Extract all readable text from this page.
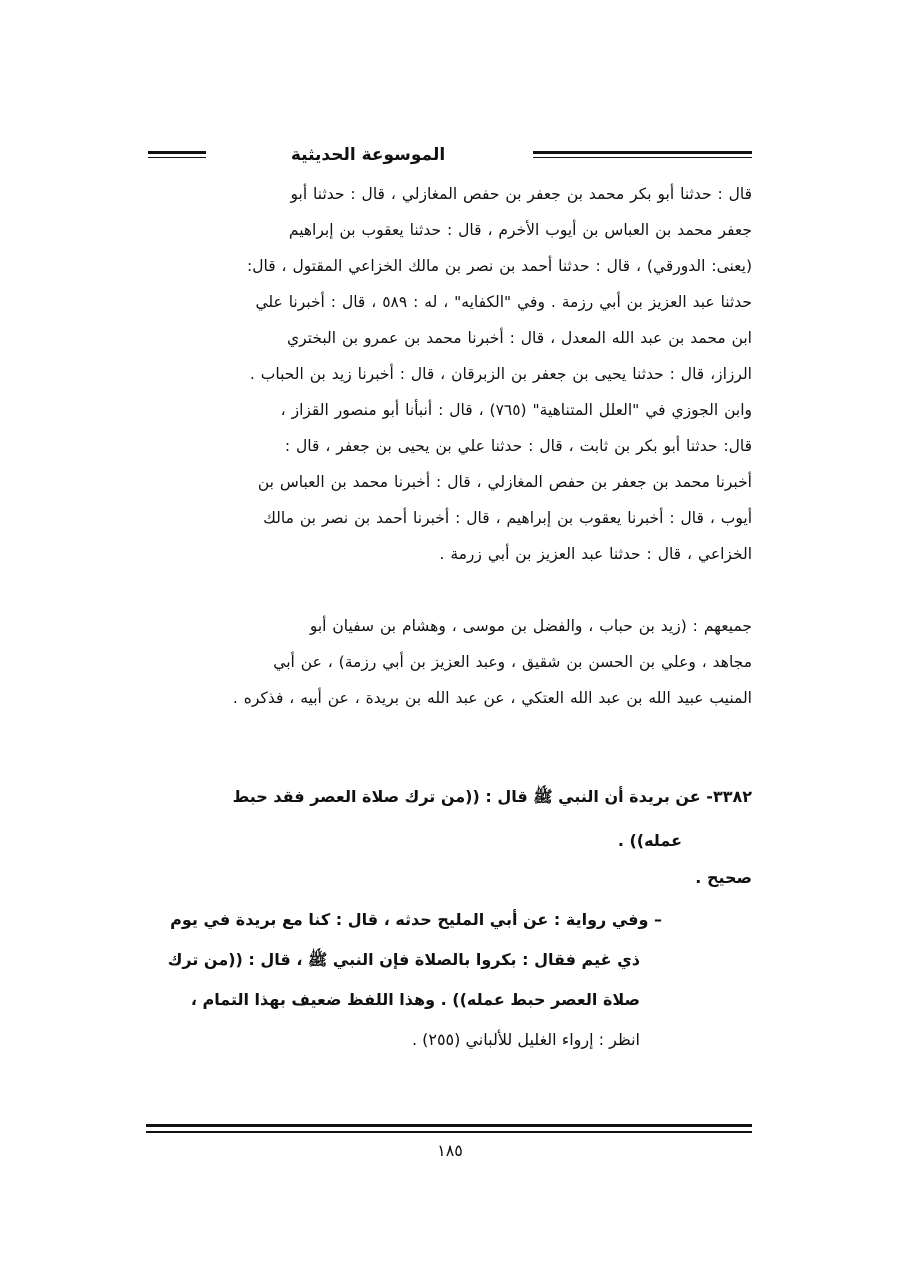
الموسوعة الحديثية
قال : حدثنا أبو بكر محمد بن جعفر بن حفص المغازلي ، قال : حدثنا أبو
جعفر محمد بن العباس بن أيوب الأخرم ، قال : حدثنا يعقوب بن إبراهيم
(يعنى: الدورقي) ، قال : حدثنا أحمد بن نصر بن مالك الخزاعي المقتول ، قال:
حدثنا عبد العزيز بن أبي رزمة . وفي "الكفايه" ، له : ٥٨٩ ، قال : أخبرنا علي
ابن محمد بن عبد الله المعدل ، قال : أخبرنا محمد بن عمرو بن البختري
الرزاز، قال : حدثنا يحيى بن جعفر بن الزبرقان ، قال : أخبرنا زيد بن الحباب .
وابن الجوزي في "العلل المتناهية" (٧٦٥) ، قال : أنبأنا أبو منصور القزاز ،
قال: حدثنا أبو بكر بن ثابت ، قال : حدثنا علي بن يحيى بن جعفر ، قال :
أخبرنا محمد بن جعفر بن حفص المغازلي ، قال : أخبرنا محمد بن العباس بن
أيوب ، قال : أخبرنا يعقوب بن إبراهيم ، قال : أخبرنا أحمد بن نصر بن مالك
الخزاعي ، قال : حدثنا عبد العزيز بن أبي زرمة .
جميعهم : (زيد بن حباب ، والفضل بن موسى ، وهشام بن سفيان أبو
مجاهد ، وعلي بن الحسن بن شقيق ، وعبد العزيز بن أبي رزمة) ، عن أبي
المنيب عبيد الله بن عبد الله العتكي ، عن عبد الله بن بريدة ، عن أبيه ، فذكره .
٣٣٨٢- عن بريدة أن النبي ﷺ قال : ((من ترك صلاة العصر فقد حبط
عمله)) .
صحيح .
– وفي رواية : عن أبي المليح حدثه ، قال : كنا مع بريدة في يوم
ذي غيم فقال : بكروا بالصلاة فإن النبي ﷺ ، قال : ((من ترك
صلاة العصر حبط عمله)) . وهذا اللفظ ضعيف بهذا التمام ،
انظر : إرواء الغليل للألباني (٢٥٥) .
١٨٥
